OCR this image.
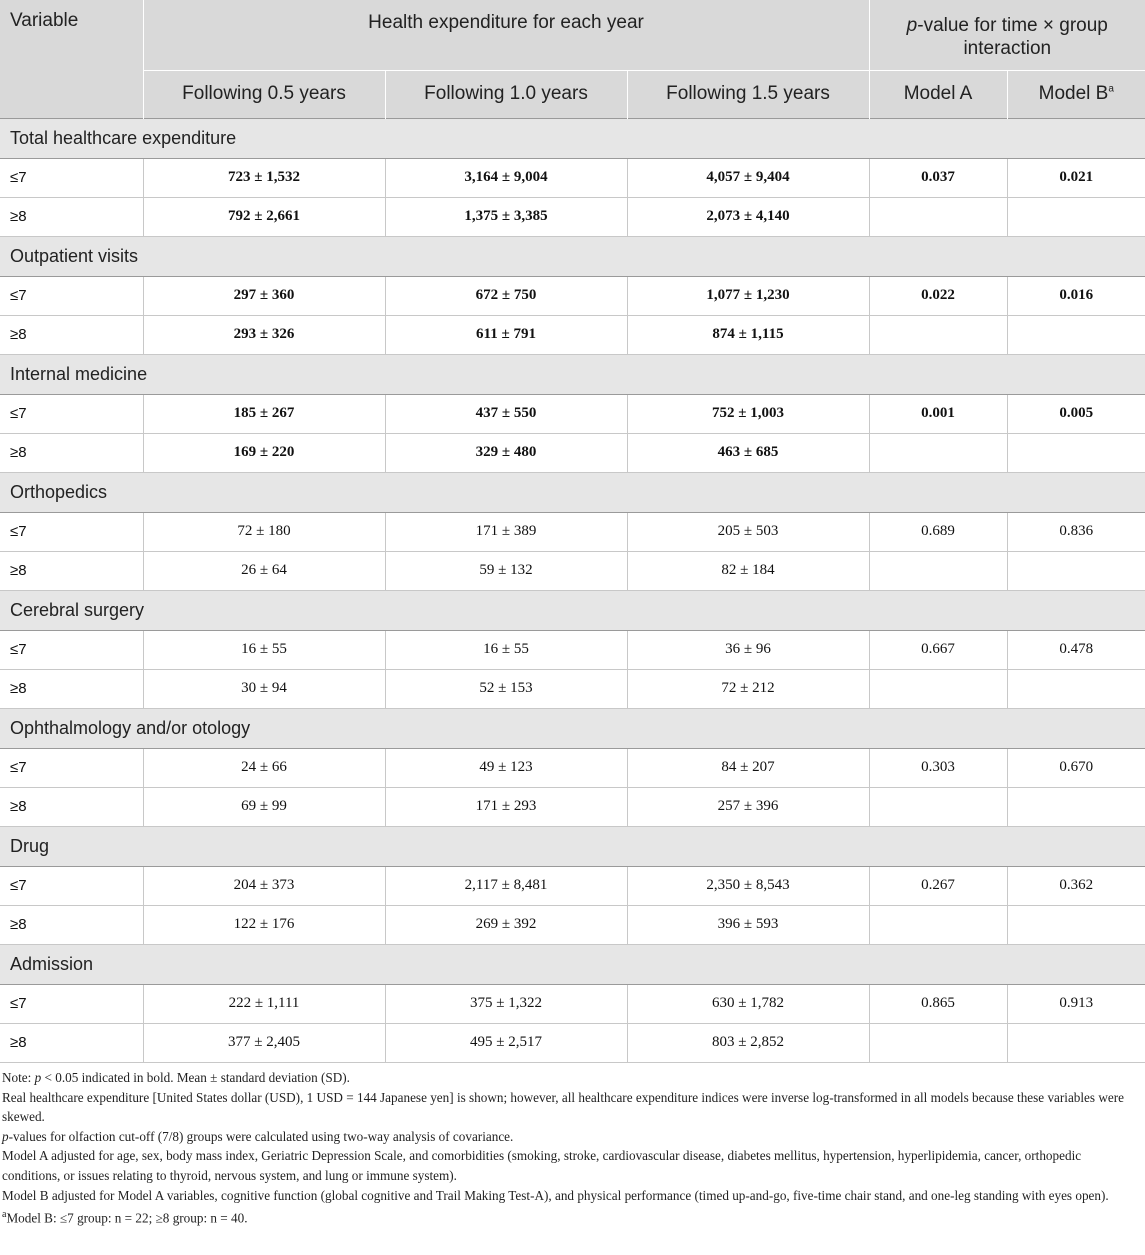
Variable	Health expenditure for each year			p-value for time × group
interaction	
	Following 0.5 years	Following 1.0 years	Following 1.5 years	Model A	Model $B^a$
Total healthcare expenditure					
≤7	723 ± 1,532	3,164 ± 9,004	4,057 ± 9,404	0.037	0.021
≥8	792 ± 2,661	1,375 ± 3,385	2,073 ± 4,140		
Outpatient visits					
≤7	297 ± 360	672 ± 750	1,077 ± 1,230	0.022	0.016
≥8	293 ± 326	611 ± 791	874 ± 1,115		
Internal medicine					
≤7	185 ± 267	437 ± 550	752 ± 1,003	0.001	0.005
≥8	169 ± 220	329 ± 480	463 ± 685		
Orthopedics					
≤7	72 ± 180	171 ± 389	205 ± 503	0.689	0.836
≥8	26 ± 64	59 ± 132	82 ± 184		
Cerebral surgery					
≤7	16 ± 55	16 ± 55	36 ± 96	0.667	0.478
≥8	30 ± 94	52 ± 153	72 ± 212		
Ophthalmology and/or otology					
≤7	24 ± 66	49 ± 123	84 ± 207	0.303	0.670
≥8	69 ± 99	171 ± 293	257 ± 396		
Drug					
≤7	204 ± 373	2,117 ± 8,481	2,350 ± 8,543	0.267	0.362
≥8	122 ± 176	269 ± 392	396 ± 593		
Admission					
≤7	222 ± 1,111	375 ± 1,322	630 ± 1,782	0.865	0.913
≥8	377 ± 2,405	495 ± 2,517	803 ± 2,852		

Note: p < 0.05 indicated in bold. Mean ± standard deviation (SD).

Real healthcare expenditure [United States dollar (USD), 1 USD = 144 Japanese yen] is shown; however, all healthcare expenditure indices were inverse log-transformed in all models because these variables were skewed.

p-values for olfaction cut-off (7/8) groups were calculated using two-way analysis of covariance.

Model A adjusted for age, sex, body mass index, Geriatric Depression Scale, and comorbidities (smoking, stroke, cardiovascular disease, diabetes mellitus, hypertension, hyperlipidemia, cancer, orthopedic conditions, or issues relating to thyroid, nervous system, and lung or immune system).

Model B adjusted for Model A variables, cognitive function (global cognitive and Trail Making Test-A), and physical performance (timed up-and-go, five-time chair stand, and one-leg standing with eyes open).

$^a$Model B: ≤7 group: n = 22; ≥8 group: n = 40.
